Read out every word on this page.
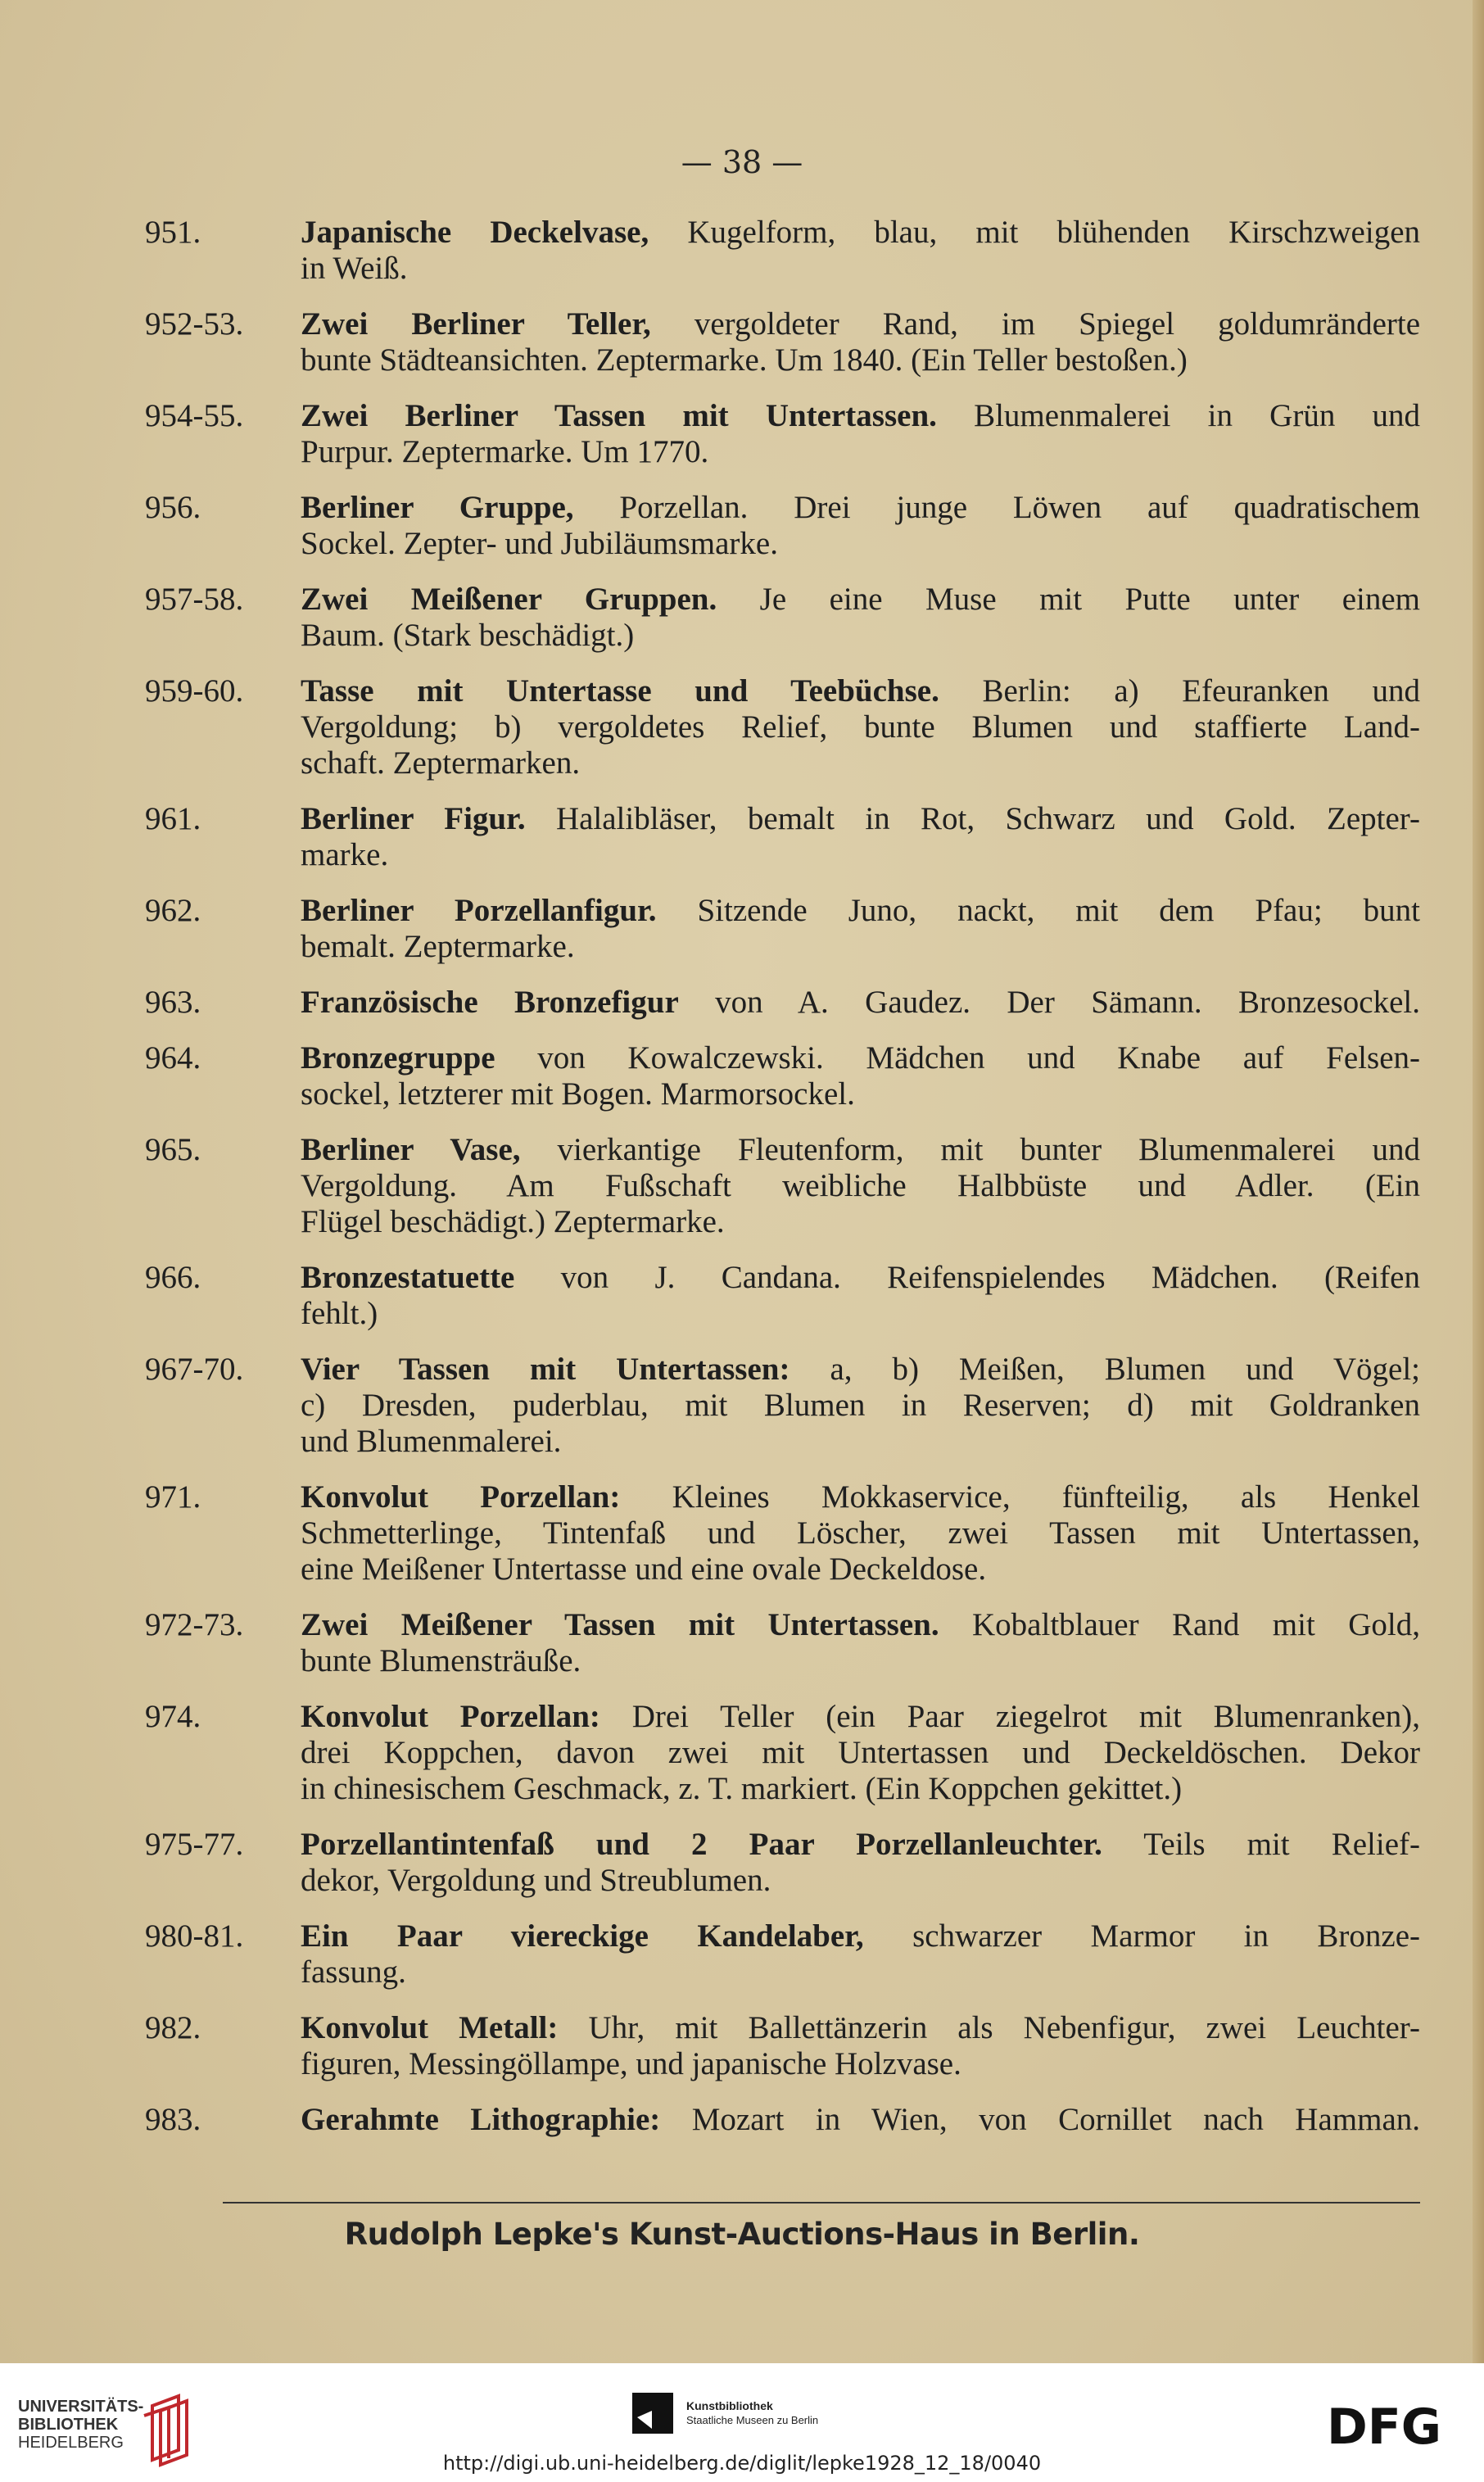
— 38 —
951.	Japanische Deckelvase, Kugelform, blau, mit blühenden Kirschzweigen
in Weiß.
952-53. Zwei Berliner Teller, vergoldeter Rand, im Spiegel goldumränderte
bunte Städteansichten. Zeptermarke. Um 1840. (Ein Teller bestoßen.)
954-55. Zwei Berliner Tassen mit Untertassen. Blumenmalerei in Grün und
Purpur. Zeptermarke. Um 1770.
956.	Berliner Gruppe, Porzellan. Drei junge Löwen auf quadratischem
Sockel. Zepter- und Jubiläumsmarke.
957-58. Zwei Meißener Gruppen. Je eine Muse mit Putte unter einem
Baum. (Stark beschädigt.)
959-60. Tasse mit Untertasse und Teebüchse. Berlin: a) Efeuranken und
Vergoldung; b) vergoldetes Relief, bunte Blumen und staffierte Land-
schaft. Zeptermarken.
961.	Berliner Figur. Halalibläser, bemalt in Rot, Schwarz und Gold. Zepter-
marke.
962.	Berliner Porzellanfigur. Sitzende Juno, nackt, mit dem Pfau; bunt
bemalt. Zeptermarke.
963.	Französische Bronzefigur von A. Gaudez. Der Sämann. Bronzesockel.
964.	Bronzegruppe von Kowalczewski. Mädchen und Knabe auf Felsen-
sockel, letzterer mit Bogen. Marmorsockel.
965.	Berliner Vase, vierkantige Fleutenform, mit bunter Blumenmalerei und
Vergoldung. Am Fußschaft weibliche Halbbüste und Adler. (Ein
Flügel beschädigt.) Zeptermarke.
966.	Bronzestatuette von J. Candana. Reifenspielendes Mädchen. (Reifen
fehlt.)
967-70. Vier Tassen mit Untertassen: a, b) Meißen, Blumen und Vögel;
c) Dresden, puderblau, mit Blumen in Reserven; d) mit Goldranken
und Blumenmalerei.
971.	Konvolut Porzellan: Kleines Mokkaservice, fünfteilig, als Henkel
Schmetterlinge, Tintenfaß und Löscher, zwei Tassen mit Untertassen,
eine Meißener Untertasse und eine ovale Deckeldose.
972-73. Zwei Meißener Tassen mit Untertassen. Kobaltblauer Rand mit Gold,
bunte Blumensträuße.
974.	Konvolut Porzellan: Drei Teller (ein Paar ziegelrot mit Blumenranken),
drei Koppchen, davon zwei mit Untertassen und Deckeldöschen. Dekor
in chinesischem Geschmack, z. T. markiert. (Ein Koppchen gekittet.)
975-77. Porzellantintenfaß und 2 Paar Porzellanleuchter. Teils mit Relief-
dekor, Vergoldung und Streublumen.
980-81. Ein Paar viereckige Kandelaber, schwarzer Marmor in Bronze-
fassung.
982.	Konvolut Metall: Uhr, mit Ballettänzerin als Nebenfigur, zwei Leuchter-
figuren, Messingöllampe, und japanische Holzvase.
983.	Gerahmte Lithographie: Mozart in Wien, von Cornillet nach Hamman.
Rudolph Lepke's Kunst-Auctions-Haus in Berlin.
UNIVERSITÄTS-
BIBLIOTHEK
HEIDELBERG
Kunstbibliothek
Staatliche Museen zu Berlin	DFG
http://digi.ub.uni-heidelberg.de/diglit/lepke1928_12_18/0040
